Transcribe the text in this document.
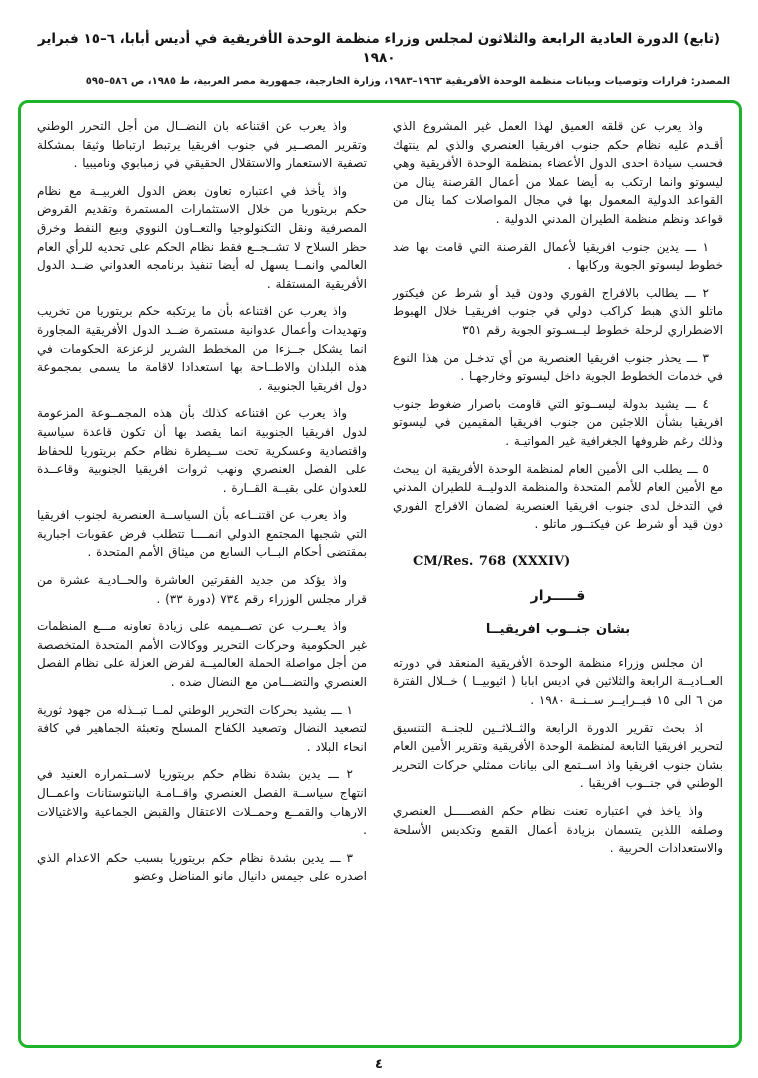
(تابع) الدورة العادية الرابعة والثلاثون لمجلس وزراء منظمة الوحدة الأفريقية في أديس أبابا، ٦–١٥ فبراير ١٩٨٠
المصدر: قرارات وتوصيات وبيانات منظمة الوحدة الأفريقية ١٩٦٣–١٩٨٣، وزارة الخارجية، جمهورية مصر العربية، ط ١٩٨٥، ص ٥٨٦–٥٩٥

واذ يعرب عن قلقه العميق لهذا العمل غير المشروع الذي أقـدم عليه نظام حكم جنوب افريقيا العنصري والذي لم ينتهك فحسب سيادة احدى الدول الأعضاء بمنظمة الوحدة الأفريقية وهي ليسوتو وانما ارتكب به أيضا عملا من أعمال القرصنة ينال من القواعد الدولية المعمول بها في مجال المواصلات كما ينال من قواعد ونظم منظمة الطيران المدني الدولية .

١ ـــ يدين جنوب افريقيا لأعمال القرصنة التي قامت بها ضد خطوط ليسوتو الجوية وركابها .

٢ ـــ يطالب بالافراج الفوري ودون قيد أو شرط عن فيكتور ماتلو الذي هبط كراكب دولي في جنوب افريقيـا خلال الهبوط الاضطراري لرحلة خطوط ليــسـوتو الجوية رقم ٣٥١

٣ ـــ يحذر جنوب افريقيا العنصرية من أي تدخـل من هذا النوع في خدمات الخطوط الجوية داخل ليسوتو وخارجهـا .

٤ ـــ يشيد بدولة ليســوتو التي قاومت باصرار ضغوط جنوب افريقيا بشأن اللاجئين من جنوب افريقيا المقيمين في ليسوتو وذلك رغم ظروفها الجغرافية غير المواتيـة .

٥ ـــ يطلب الى الأمين العام لمنظمة الوحدة الأفريقية ان يبحث مع الأمين العام للأمم المتحدة والمنظمة الدوليــة للطيران المدني في التدخل لدى جنوب افريقيا العنصرية لضمان الافراج الفوري دون قيد أو شرط عن فيكتــور ماتلو .

CM/Res. 768 (XXXIV)

قـــــرار

بشان جنــوب افريقيــا

ان مجلس وزراء منظمة الوحدة الأفريقية المنعقد في دورته العــاديــة الرابعة والثلاثين في اديس ابابا ( اثيوبيــا ) خــلال الفترة من ٦ الى ١٥ فبــرايــر ســنــة ١٩٨٠ .

اذ بحث تقرير الدورة الرابعة والثــلاثــين للجنــة التنسيق لتحرير افريقيا التابعة لمنظمة الوحدة الأفريقية وتقرير الأمين العام بشان جنوب افريقيا واذ اســتمع الى بيانات ممثلي حركات التحرير الوطني في جنــوب افريقيا .

واذ ياخذ في اعتباره تعنت نظام حكم الفصـــــل العنصري وصلفه اللذين يتسمان بزيادة أعمال القمع وتكديس الأسلحة والاستعدادات الحربية .

واذ يعرب عن اقتناعه بان النضــال من أجل التحرر الوطني وتقرير المصــير في جنوب افريقيا يرتبط ارتباطا وثيقا بمشكلة تصفية الاستعمار والاستقلال الحقيقي في زمبابوي وناميبيا .

واذ يأخذ في اعتباره تعاون بعض الدول الغربيــة مع نظام حكم بريتوريا من خلال الاستثمارات المستمرة وتقديم القروض المصرفية ونقل التكنولوجيا والتعــاون النووي وبيع النفط وخرق حظر السلاح لا تشــجــع فقط نظام الحكم على تحديه للرأي العام العالمي وانمــا يسهل له أيضا تنفيذ برنامجه العدواني ضــد الدول الأفريقية المستقلة .

واذ يعرب عن اقتناعه بأن ما يرتكبه حكم بريتوريا من تخريب وتهديدات وأعمال عدوانية مستمرة ضــد الدول الأفريقية المجاورة انما يشكل جــزءا من المخطط الشرير لزعزعة الحكومات في هذه البلدان والاطــاحة بها استعدادا لاقامة ما يسمى بمجموعة دول افريقيا الجنوبية .

واذ يعرب عن اقتناعه كذلك بأن هذه المجمــوعة المزعومة لدول افريقيا الجنوبية انما يقصد بها أن تكون قاعدة سياسية واقتصادية وعسكرية تحت ســيطرة نظام حكم بريتوريا للحفاظ على الفصل العنصري ونهب ثروات افريقيا الجنوبية وقاعــدة للعدوان على بقيــة القــارة .

واذ يعرب عن اقتنــاعه بأن السياســة العنصرية لجنوب افريقيا التي شجبها المجتمع الدولي انمــــا تتطلب فرض عقوبات اجبارية بمقتضى أحكام البــاب السابع من ميثاق الأمم المتحدة .

واذ يؤكد من جديد الفقرتين العاشرة والحــاديـة عشرة من قرار مجلس الوزراء رقم ٧٣٤ (دورة ٣٣) .

واذ يعــرب عن تصــميمه على زيادة تعاونه مـــع المنظمات غير الحكومية وحركات التحرير ووكالات الأمم المتحدة المتخصصة من أجل مواصلة الحملة العالميــة لفرض العزلة على نظام الفصل العنصري والتضـــامن مع النضال ضده .

١ ـــ يشيد بحركات التحرير الوطني لمــا تبــذله من جهود ثورية لتصعيد النضال وتصعيد الكفاح المسلح وتعبئة الجماهير في كافة انحاء البلاد .

٢ ـــ يدين بشدة نظام حكم بريتوريا لاســتمراره العنيد في انتهاج سياســة الفصل العنصري واقــامـة البانتوستانات واعمــال الارهاب والقمــع وحمــلات الاعتقال والقبض الجماعية والاغتيالات .

٣ ـــ يدين بشدة نظام حكم بريتوريا بسبب حكم الاعدام الذي اصدره على جيمس دانيال مانو المناضل وعضو

٤
